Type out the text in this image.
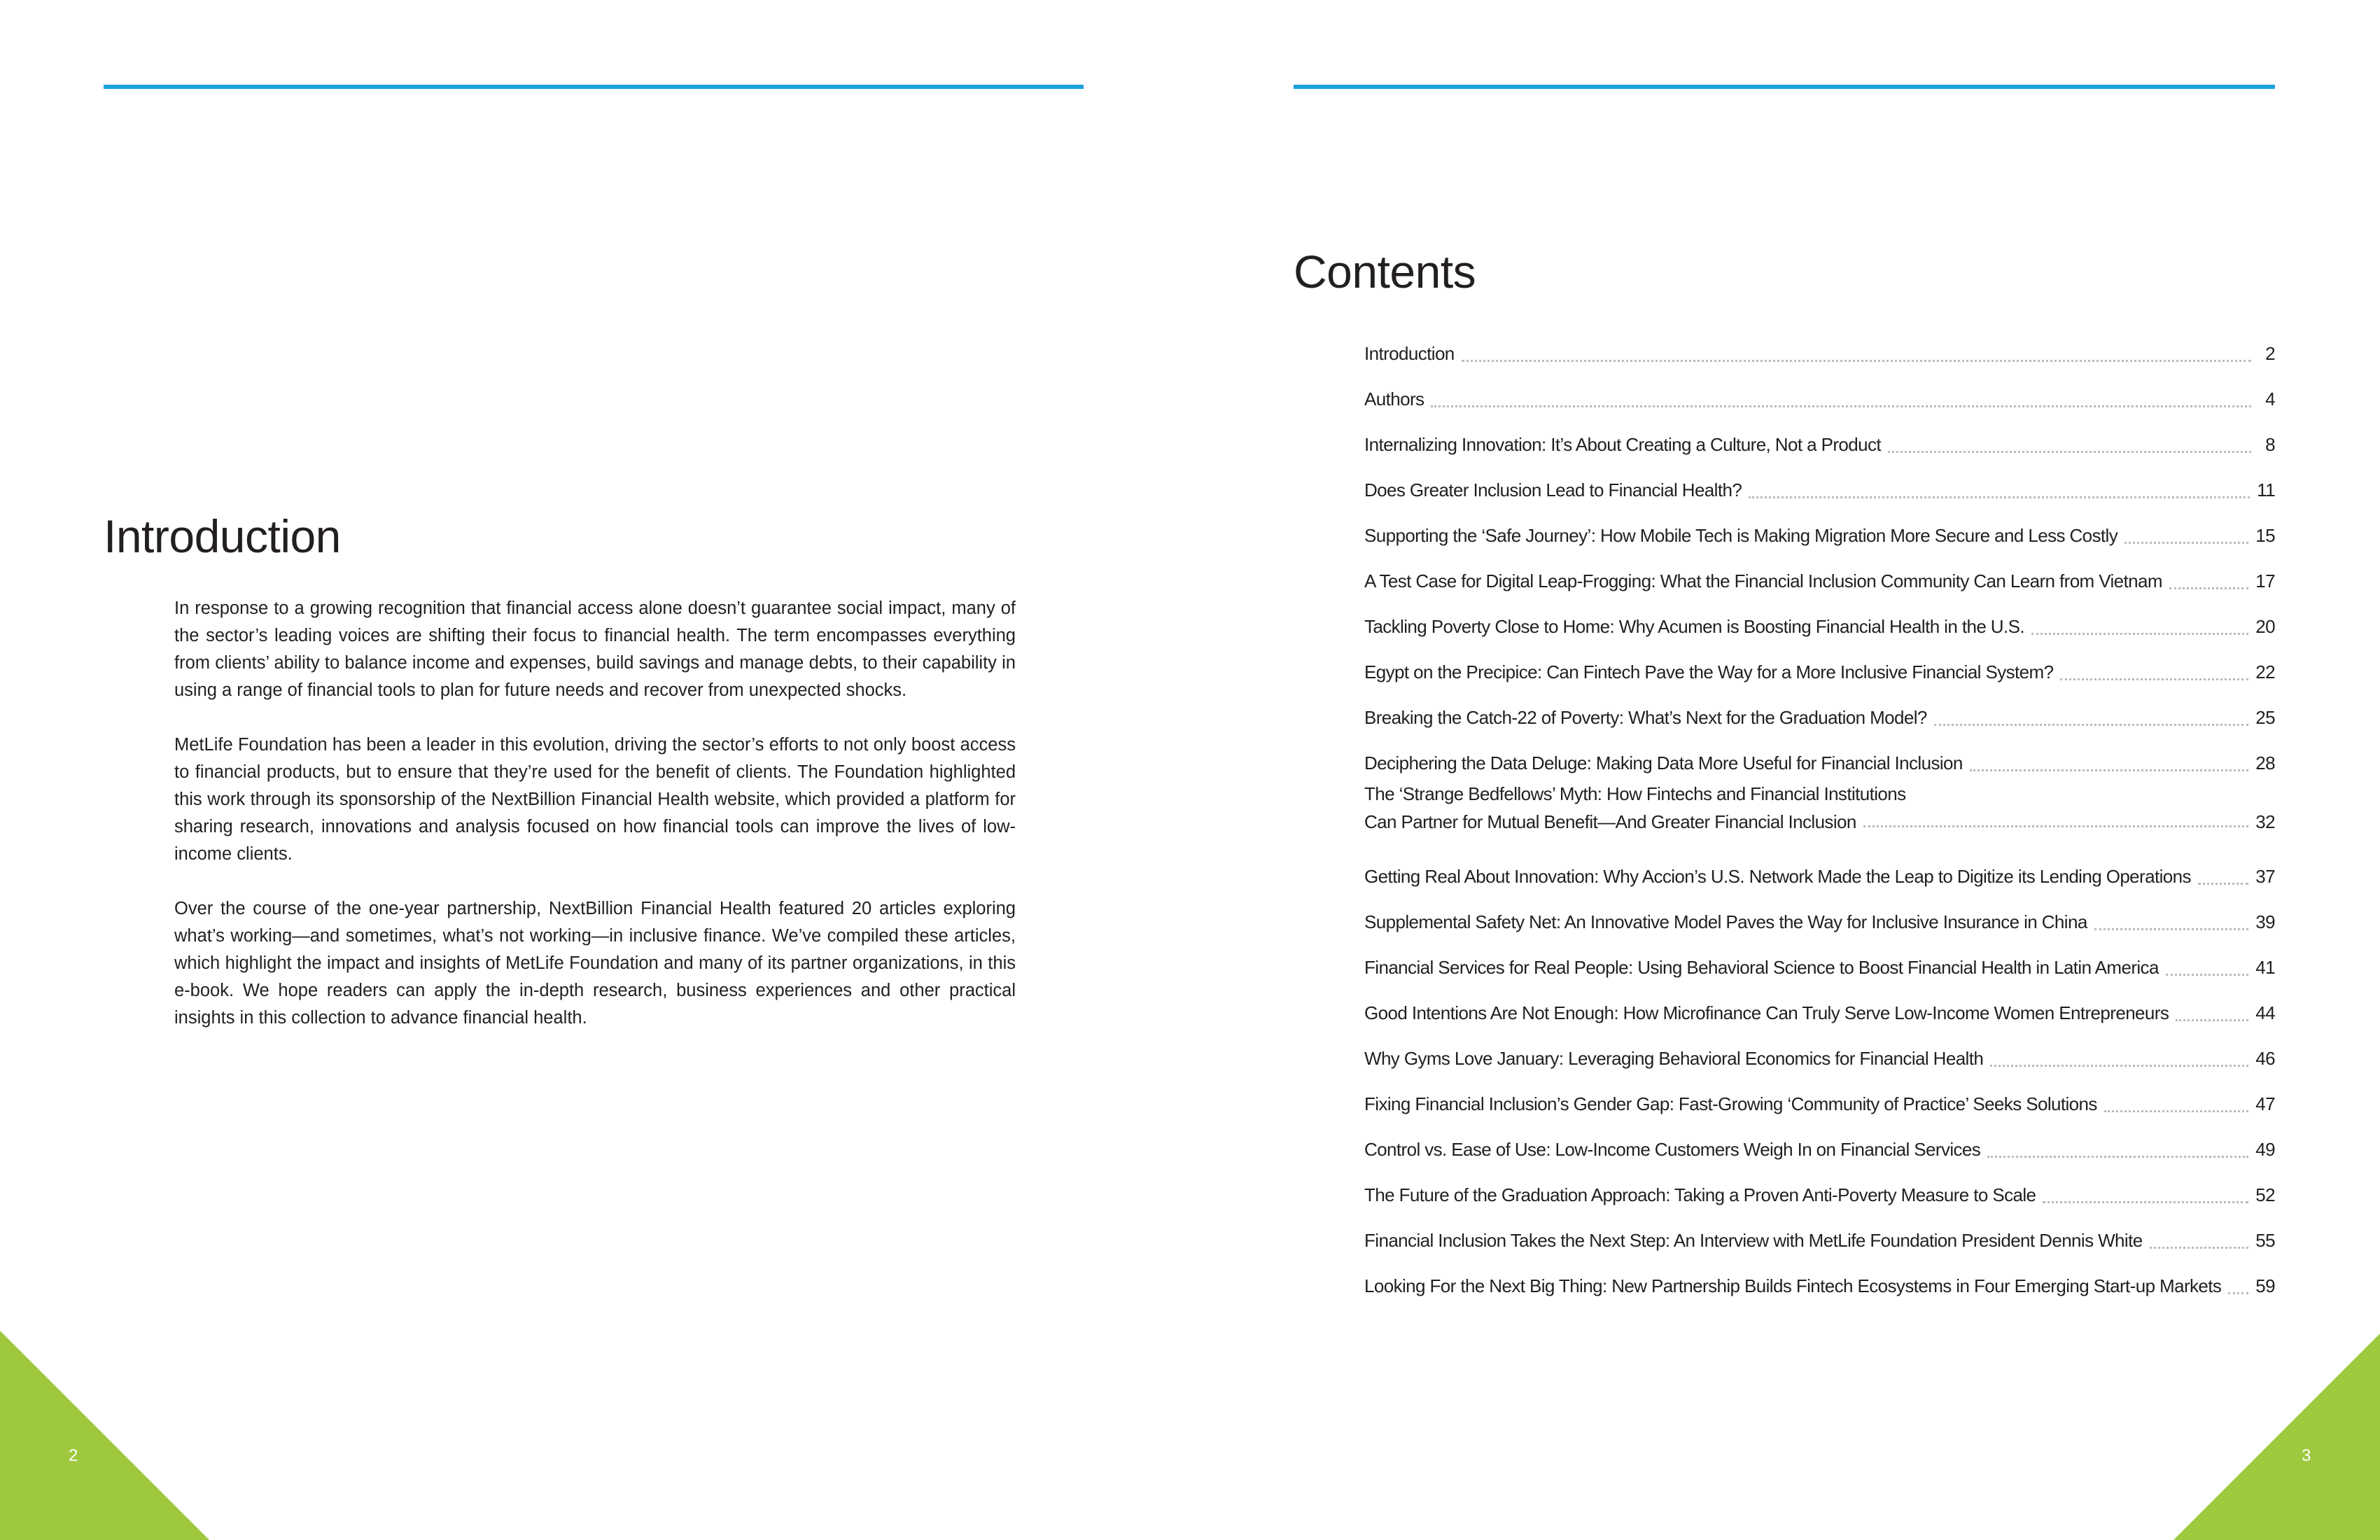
Introduction

In response to a growing recognition that financial access alone doesn’t guarantee social impact, many of the sector’s leading voices are shifting their focus to financial health. The term encompasses everything from clients’ ability to balance income and expenses, build savings and manage debts, to their capability in using a range of financial tools to plan for future needs and recover from unexpected shocks.

MetLife Foundation has been a leader in this evolution, driving the sector’s efforts to not only boost access to financial products, but to ensure that they’re used for the benefit of clients. The Foundation highlighted this work through its sponsorship of the NextBillion Financial Health website, which provided a platform for sharing research, innovations and analysis focused on how financial tools can improve the lives of low-income clients.

Over the course of the one-year partnership, NextBillion Financial Health featured 20 articles exploring what’s working—and sometimes, what’s not working—in inclusive finance. We’ve compiled these articles, which highlight the impact and insights of MetLife Foundation and many of its partner organizations, in this e-book. We hope readers can apply the in-depth research, business experiences and other practical insights in this collection to advance financial health.

Contents
Introduction	2
Authors	4
Internalizing Innovation: It’s About Creating a Culture, Not a Product	8
Does Greater Inclusion Lead to Financial Health?	11
Supporting the ‘Safe Journey’: How Mobile Tech is Making Migration More Secure and Less Costly	15
A Test Case for Digital Leap-Frogging: What the Financial Inclusion Community Can Learn from Vietnam	17
Tackling Poverty Close to Home: Why Acumen is Boosting Financial Health in the U.S.	20
Egypt on the Precipice: Can Fintech Pave the Way for a More Inclusive Financial System?	22
Breaking the Catch-22 of Poverty: What’s Next for the Graduation Model?	25
Deciphering the Data Deluge: Making Data More Useful for Financial Inclusion	28
The ‘Strange Bedfellows’ Myth: How Fintechs and Financial Institutions
Can Partner for Mutual Benefit—And Greater Financial Inclusion	32
Getting Real About Innovation: Why Accion’s U.S. Network Made the Leap to Digitize its Lending Operations	37
Supplemental Safety Net: An Innovative Model Paves the Way for Inclusive Insurance in China	39
Financial Services for Real People: Using Behavioral Science to Boost Financial Health in Latin America	41
Good Intentions Are Not Enough: How Microfinance Can Truly Serve Low-Income Women Entrepreneurs	44
Why Gyms Love January: Leveraging Behavioral Economics for Financial Health	46
Fixing Financial Inclusion’s Gender Gap: Fast-Growing ‘Community of Practice’ Seeks Solutions	47
Control vs. Ease of Use: Low-Income Customers Weigh In on Financial Services	49
The Future of the Graduation Approach: Taking a Proven Anti-Poverty Measure to Scale	52
Financial Inclusion Takes the Next Step: An Interview with MetLife Foundation President Dennis White	55
Looking For the Next Big Thing: New Partnership Builds Fintech Ecosystems in Four Emerging Start-up Markets 59
2	3
